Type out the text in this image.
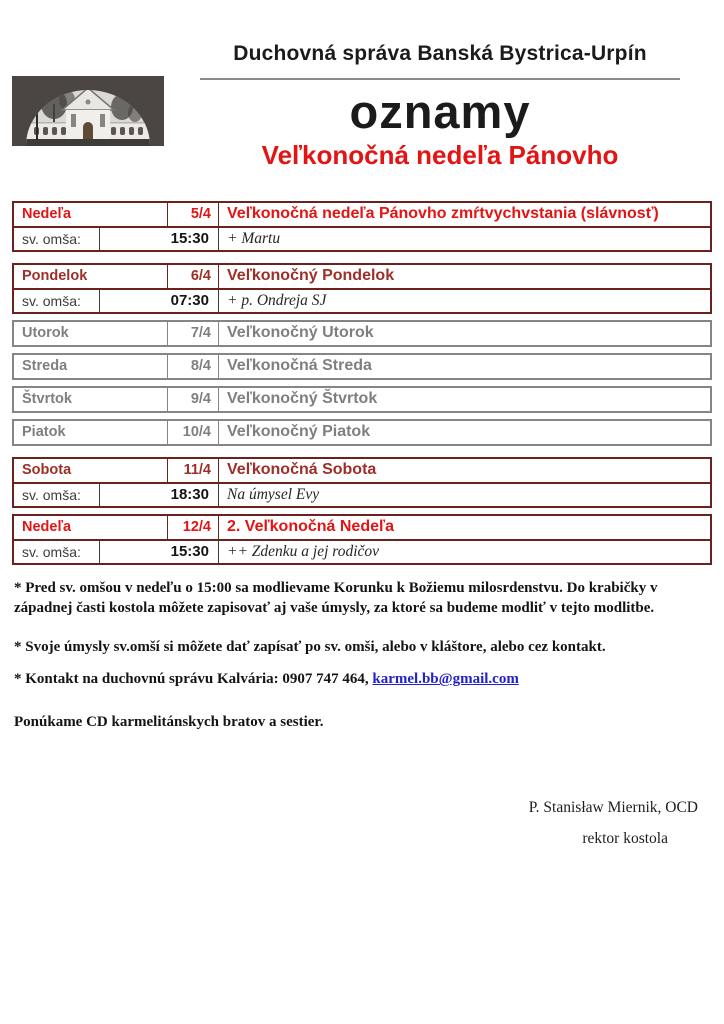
Duchovná správa Banská Bystrica-Urpín
oznamy
Veľkonočná nedeľa Pánovho
Nedeľa	5/4	Veľkonočná nedeľa Pánovho zmŕtvychvstania (slávnosť)
sv. omša:	15:30	+ Martu
Pondelok	6/4	Veľkonočný Pondelok
sv. omša:	07:30	+ p. Ondreja SJ
Utorok	7/4	Veľkonočný Utorok
Streda	8/4	Veľkonočná Streda
Štvrtok	9/4	Veľkonočný Štvrtok
Piatok	10/4	Veľkonočný Piatok
Sobota	11/4	Veľkonočná Sobota
sv. omša:	18:30	Na úmysel Evy
Nedeľa	12/4	2. Veľkonočná Nedeľa
sv. omša:	15:30	++ Zdenku a jej rodičov

* Pred sv. omšou v nedeľu o 15:00 sa modlievame Korunku k Božiemu milosrdenstvu. Do krabičky v západnej časti kostola môžete zapisovať aj vaše úmysly, za ktoré sa budeme modliť v tejto modlitbe.

* Svoje úmysly sv.omší si môžete dať zapísať po sv. omši, alebo v kláštore, alebo cez kontakt.

* Kontakt na duchovnú správu Kalvária: 0907 747 464, karmel.bb@gmail.com

Ponúkame CD karmelitánskych bratov a sestier.

P. Stanisław Miernik, OCD
rektor kostola
